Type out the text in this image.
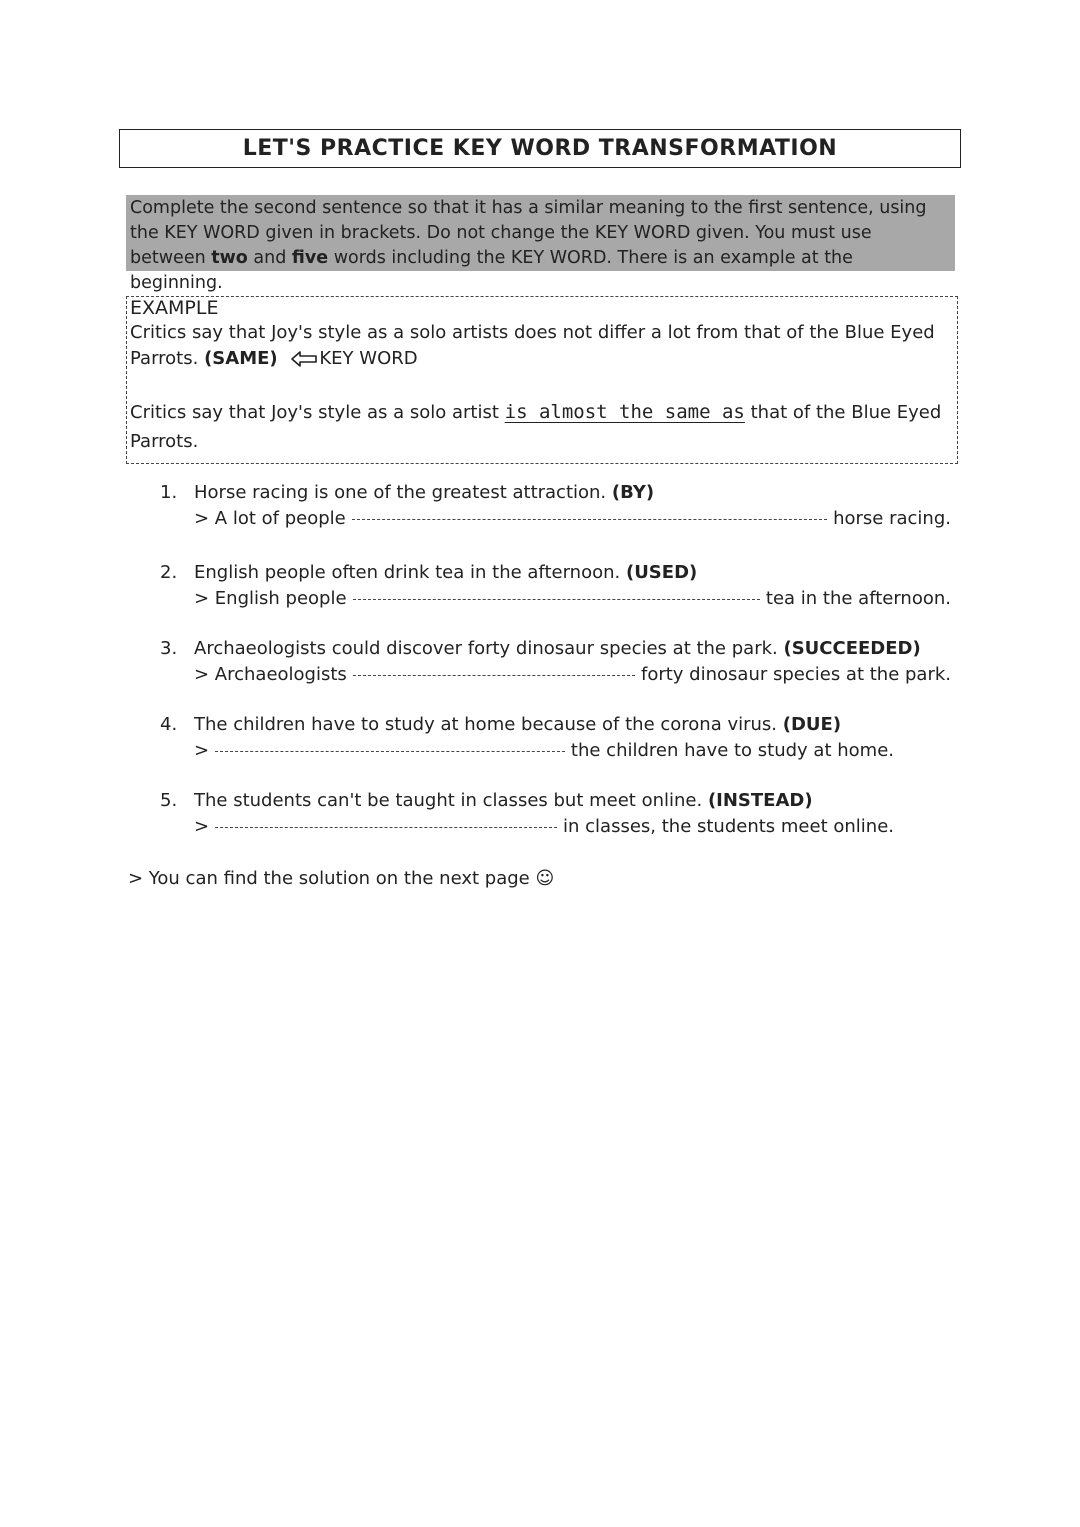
LET'S PRACTICE KEY WORD TRANSFORMATION
Complete the second sentence so that it has a similar meaning to the first sentence, using the KEY WORD given in brackets. Do not change the KEY WORD given. You must use between two and five words including the KEY WORD. There is an example at the beginning.
EXAMPLE
Critics say that Joy's style as a solo artists does not differ a lot from that of the Blue Eyed
Parrots. (SAME) KEY WORD
Critics say that Joy's style as a solo artist is almost the same as that of the Blue Eyed
Parrots.
1. Horse racing is one of the greatest attraction. (BY)
> A lot of people	horse racing.
2. English people often drink tea in the afternoon. (USED)
> English people	tea in the afternoon.
3. Archaeologists could discover forty dinosaur species at the park. (SUCCEEDED)
> Archaeologists	forty dinosaur species at the park.
4. The children have to study at home because of the corona virus. (DUE)
>	the children have to study at home.
5. The students can't be taught in classes but meet online. (INSTEAD)
>	in classes, the students meet online.
> You can find the solution on the next page ☺
